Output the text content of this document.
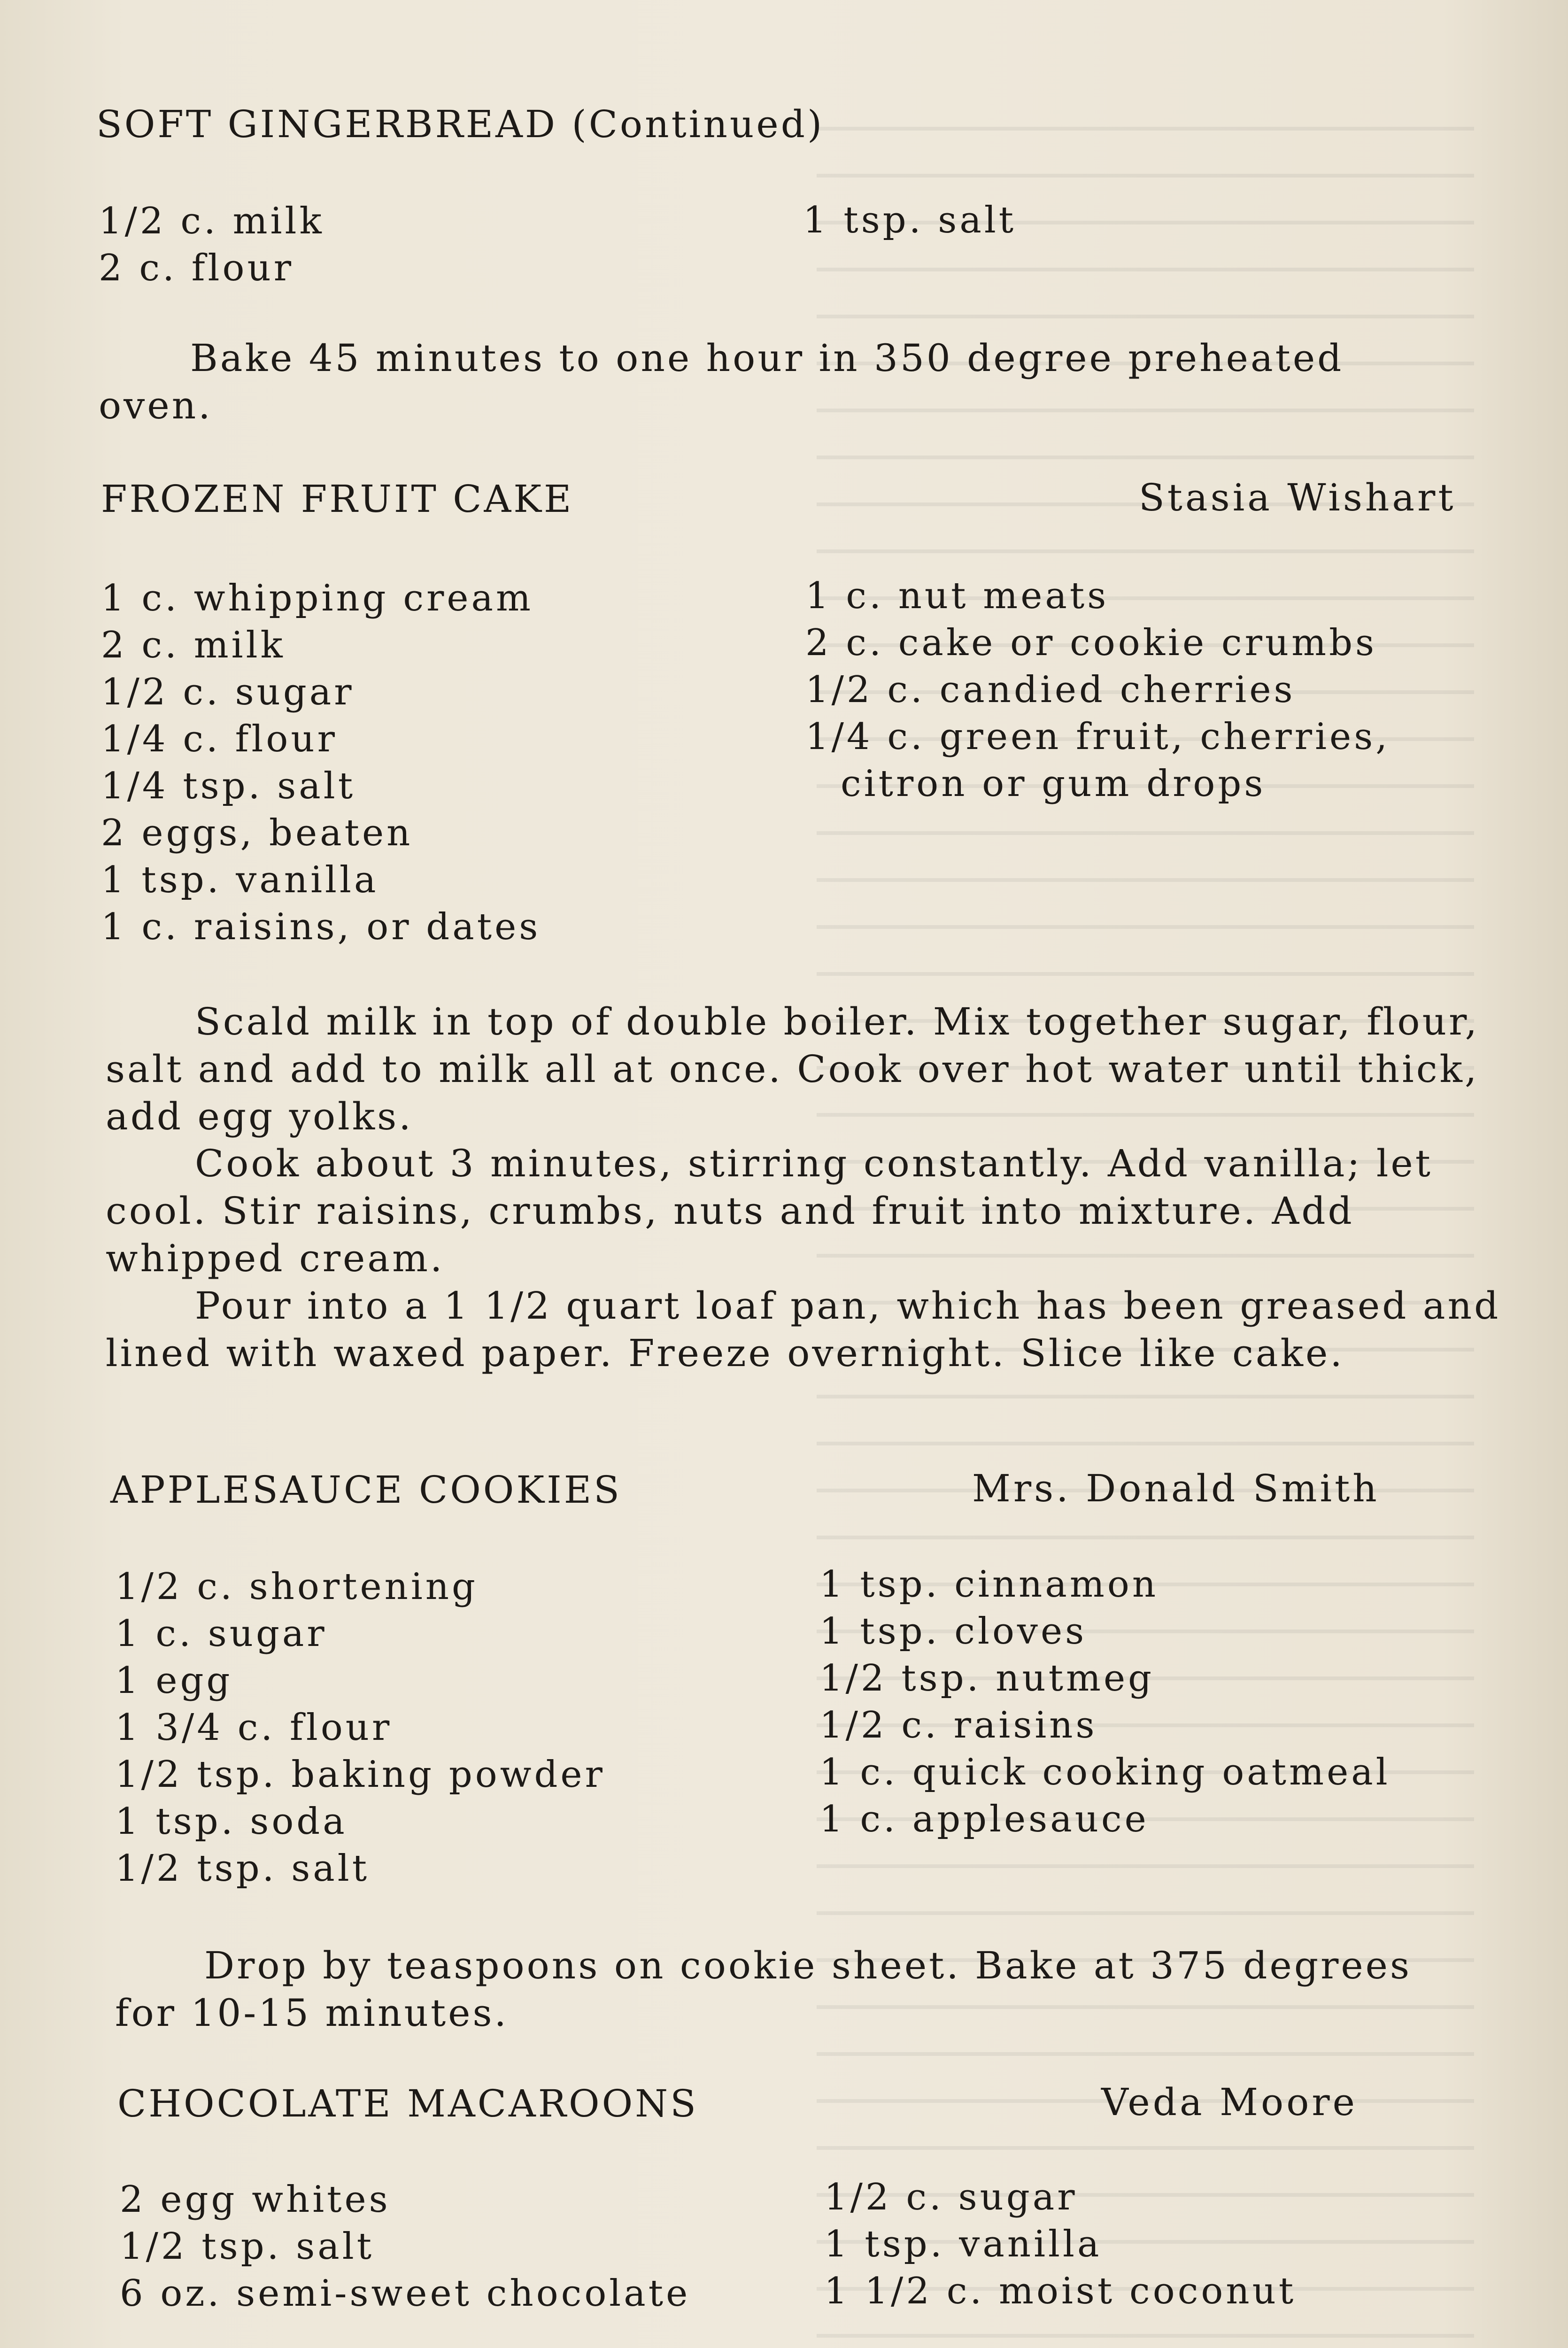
SOFT GINGERBREAD (Continued)
1/2 c. milk
2 c. flour
1 tsp. salt
Bake 45 minutes to one hour in 350 degree preheated oven.
FROZEN FRUIT CAKE	Stasia Wishart
1 c. whipping cream
2 c. milk
1/2 c. sugar
1/4 c. flour
1/4 tsp. salt
2 eggs, beaten
1 tsp. vanilla
1 c. raisins, or dates
1 c. nut meats
2 c. cake or cookie crumbs
1/2 c. candied cherries
1/4 c. green fruit, cherries,
citron or gum drops
Scald milk in top of double boiler. Mix together sugar, flour, salt and add to milk all at once. Cook over hot water until thick, add egg yolks.
Cook about 3 minutes, stirring constantly. Add vanilla; let cool. Stir raisins, crumbs, nuts and fruit into mixture. Add whipped cream.
Pour into a 1 1/2 quart loaf pan, which has been greased and lined with waxed paper. Freeze overnight. Slice like cake.
APPLESAUCE COOKIES	Mrs. Donald Smith
1/2 c. shortening
1 c. sugar
1 egg
1 3/4 c. flour
1/2 tsp. baking powder
1 tsp. soda
1/2 tsp. salt
1 tsp. cinnamon
1 tsp. cloves
1/2 tsp. nutmeg
1/2 c. raisins
1 c. quick cooking oatmeal
1 c. applesauce
Drop by teaspoons on cookie sheet. Bake at 375 degrees for 10-15 minutes.
CHOCOLATE MACAROONS	Veda Moore
2 egg whites
1/2 tsp. salt
6 oz. semi-sweet chocolate
1/2 c. sugar
1 tsp. vanilla
1 1/2 c. moist coconut
